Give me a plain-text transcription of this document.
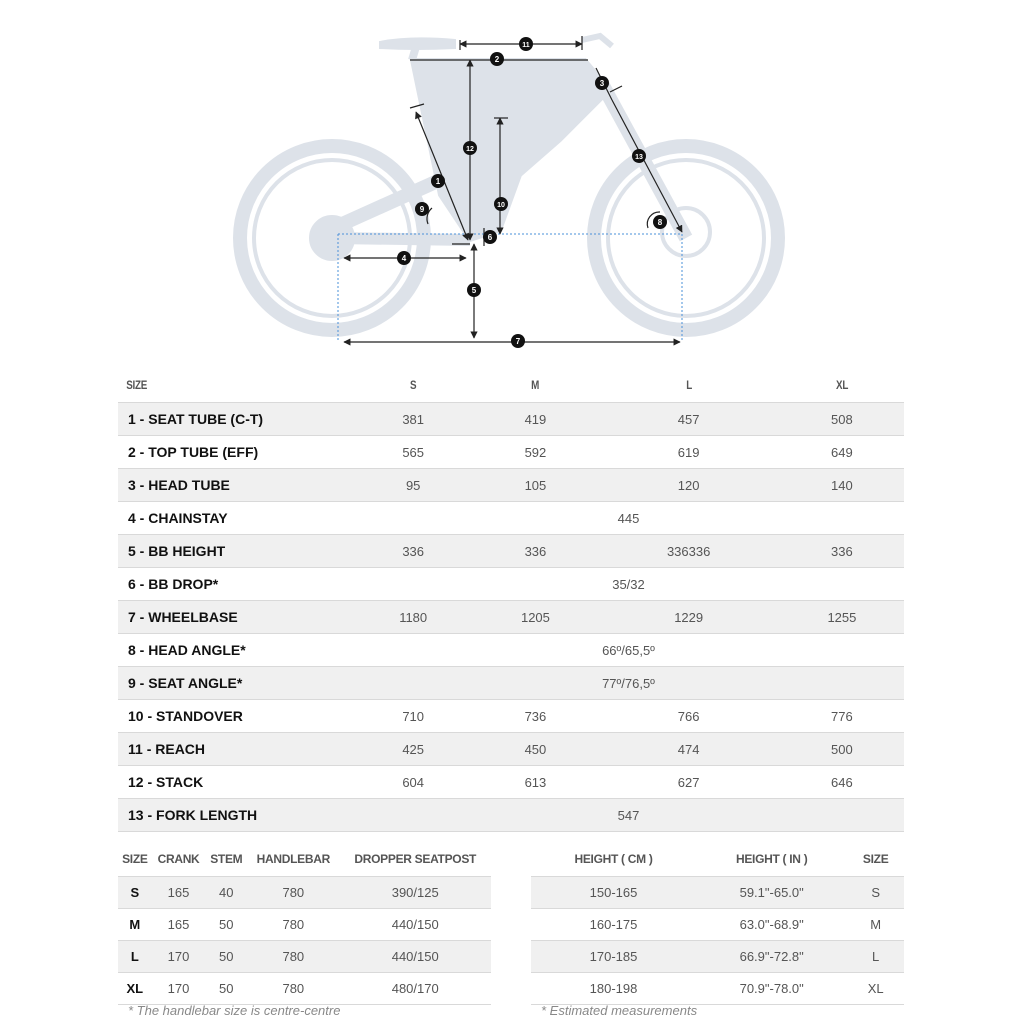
1
2
3
4
5
6
7
8
9	10
11
12
13
SIZE	S	M	L	XL
1 - SEAT TUBE (C-T)	381	419	457	508
2 - TOP TUBE (EFF)	565	592	619	649
3 - HEAD TUBE	95	105	120	140
4 - CHAINSTAY	445			
5 - BB HEIGHT	336	336	336336	336
6 - BB DROP*	35/32			
7 - WHEELBASE	1180	1205	1229	1255
8 - HEAD ANGLE*	66º/65,5º			
9 - SEAT ANGLE*	77º/76,5º			
10 - STANDOVER	710	736	766	776
11 - REACH	425	450	474	500
12 - STACK	604	613	627	646
13 - FORK LENGTH	547			
SIZE	CRANK	STEM	HANDLEBAR	DROPPER SEATPOST
S	165	40	780	390/125
M	165	50	780	440/150
L	170	50	780	440/150
XL	170	50	780	480/170
HEIGHT ( CM )	HEIGHT ( IN )	SIZE
150-165	59.1"-65.0"	S
160-175	63.0"-68.9"	M
170-185	66.9"-72.8"	L
180-198	70.9"-78.0"	XL
* The handlebar size is centre-centre	* Estimated measurements
